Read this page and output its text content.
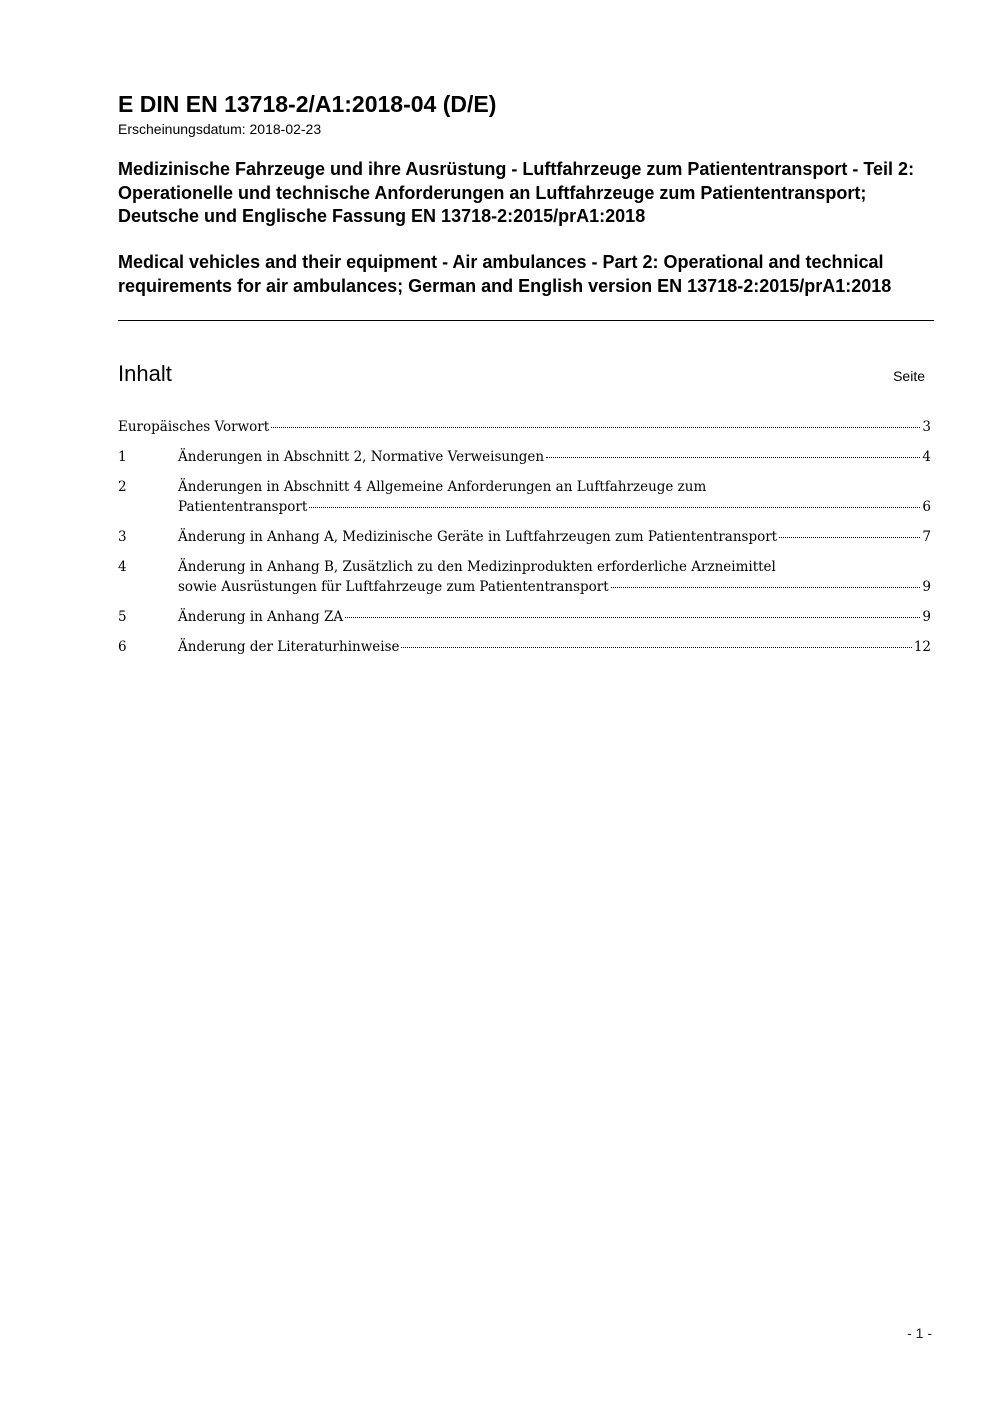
E DIN EN 13718-2/A1:2018-04 (D/E)
Erscheinungsdatum: 2018-02-23
Medizinische Fahrzeuge und ihre Ausrüstung - Luftfahrzeuge zum Patiententransport - Teil 2: Operationelle und technische Anforderungen an Luftfahrzeuge zum Patiententransport; Deutsche und Englische Fassung EN 13718-2:2015/prA1:2018
Medical vehicles and their equipment - Air ambulances - Part 2: Operational and technical requirements for air ambulances; German and English version EN 13718-2:2015/prA1:2018
Inhalt	Seite
Europäisches Vorwort	3
1	Änderungen in Abschnitt 2, Normative Verweisungen	4
2	Änderungen in Abschnitt 4 Allgemeine Anforderungen an Luftfahrzeuge zum
Patiententransport	6
3	Änderung in Anhang A, Medizinische Geräte in Luftfahrzeugen zum Patiententransport	7
4	Änderung in Anhang B, Zusätzlich zu den Medizinprodukten erforderliche Arzneimittel
sowie Ausrüstungen für Luftfahrzeuge zum Patiententransport	9
5	Änderung in Anhang ZA	9
6	Änderung der Literaturhinweise	12
- 1 -
